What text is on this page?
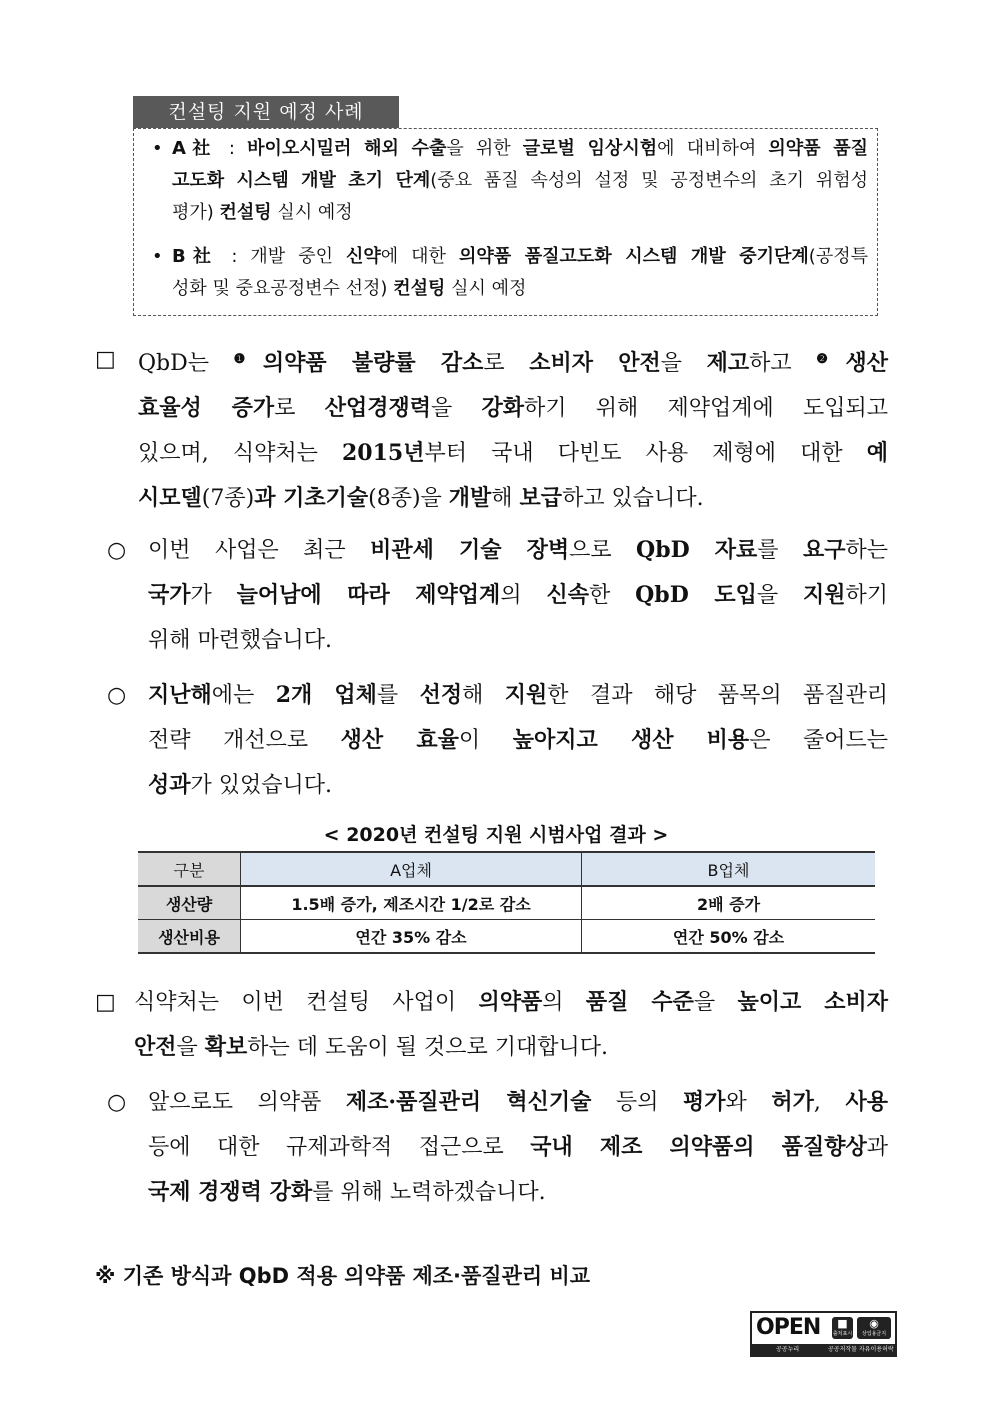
컨설팅 지원 예정 사례
• A社 : 바이오시밀러 해외 수출을 위한 글로벌 임상시험에 대비하여 의약품 품질
고도화 시스템 개발 초기 단계(중요 품질 속성의 설정 및 공정변수의 초기 위험성
평가) 컨설팅 실시 예정
• B社 : 개발 중인 신약에 대한 의약품 품질고도화 시스템 개발 중기단계(공정특
성화 및 중요공정변수 선정) 컨설팅 실시 예정
□ QbD는 $^❶$의약품 불량률 감소로 소비자 안전을 제고하고 $^❷$생산
효율성 증가로 산업경쟁력을 강화하기 위해 제약업계에 도입되고
있으며, 식약처는 2015년부터 국내 다빈도 사용 제형에 대한 예
시모델(7종)과 기초기술(8종)을 개발해 보급하고 있습니다.
○ 이번 사업은 최근 비관세 기술 장벽으로 QbD 자료를 요구하는
국가가 늘어남에 따라 제약업계의 신속한 QbD 도입을 지원하기
위해 마련했습니다.
○ 지난해에는 2개 업체를 선정해 지원한 결과 해당 품목의 품질관리
전략 개선으로 생산 효율이 높아지고 생산 비용은 줄어드는
성과가 있었습니다.
□ 식약처는 이번 컨설팅 사업이 의약품의 품질 수준을 높이고 소비자
안전을 확보하는 데 도움이 될 것으로 기대합니다.
○ 앞으로도 의약품 제조·품질관리 혁신기술 등의 평가와 허가, 사용
등에 대한 규제과학적 접근으로 국내 제조 의약품의 품질향상과
국제 경쟁력 강화를 위해 노력하겠습니다.
< 2020년 컨설팅 지원 시범사업 결과 >
구분	A업체	B업체
생산량	1.5배 증가, 제조시간 1/2로 감소	2배 증가
생산비용	연간 35% 감소	연간 50% 감소
※ 기존 방식과 QbD 적용 의약품 제조·품질관리 비교
OPEN	■
출처표시
◉
상업용금지
공공누리	공공저작물 자유이용허락
